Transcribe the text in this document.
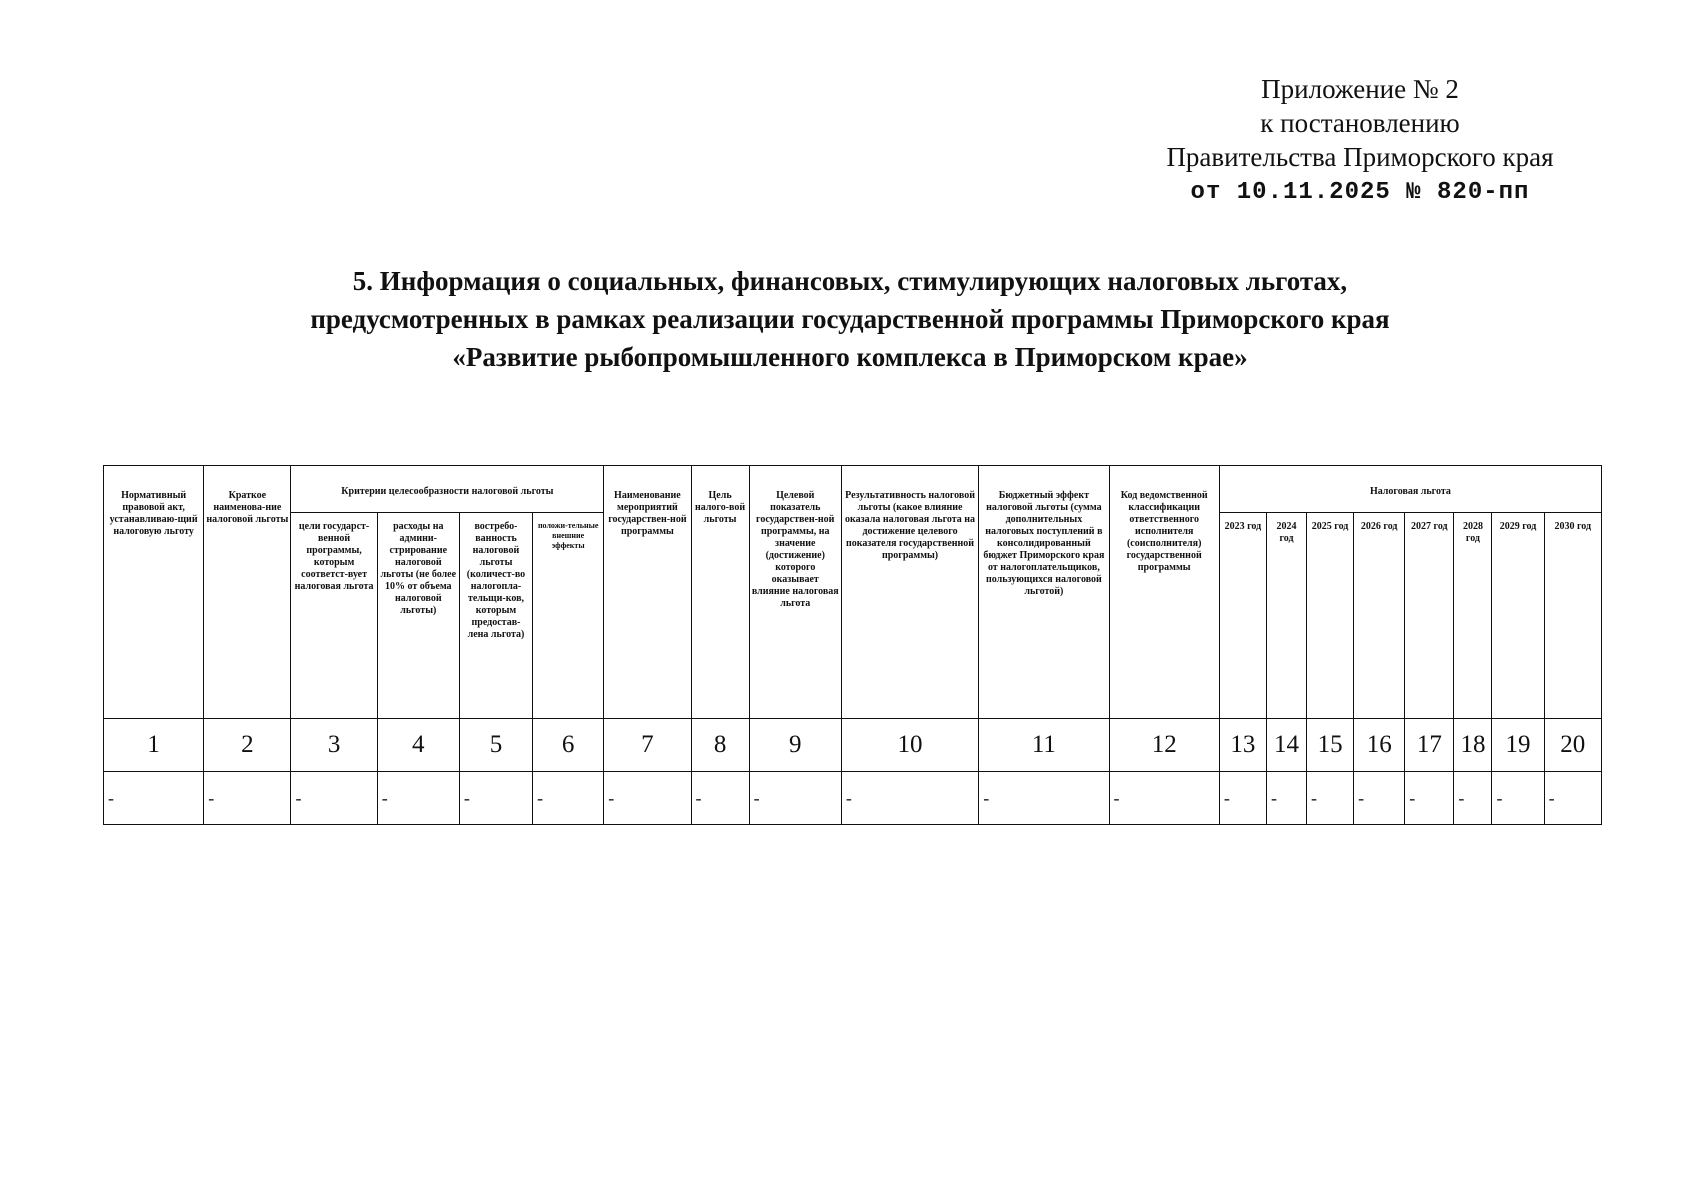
Приложение № 2
к постановлению
Правительства Приморского края
от 10.11.2025 № 820-пп
5. Информация о социальных, финансовых, стимулирующих налоговых льготах,
предусмотренных в рамках реализации государственной программы Приморского края
«Развитие рыбопромышленного комплекса в Приморском крае»
Нормативный правовой акт, устанавливаю-щий налоговую льготу	Краткое наименова-ние налоговой льготы	Критерии целесообразности налоговой льготы				Наименование мероприятий государствен-ной программы	Цель налого-вой льготы	Целевой показатель государствен-ной программы, на значение (достижение) которого оказывает влияние налоговая льгота	Результативность налоговой льготы (какое влияние оказала налоговая льгота на достижение целевого показателя государственной программы)	Бюджетный эффект налоговой льготы (сумма дополнительных налоговых поступлений в консолидированный бюджет Приморского края от налогоплательщиков, пользующихся налоговой льготой)	Код ведомственной классификации ответственного исполнителя (соисполнителя) государственной программы	Налоговая льгота							
		цели государст-венной программы, которым соответст-вует налоговая льгота	расходы на админи-стрирование налоговой льготы (не более 10% от объема налоговой льготы)	востребо-ванность налоговой льготы (количест-во налогопла-тельщи-ков, которым предостав-лена льгота)	положи-тельные внешние эффекты							2023 год	2024 год	2025 год	2026 год	2027 год	2028 год	2029 год	2030 год
1	2	3	4	5	6	7	8	9	10	11	12	13	14	15	16	17	18	19	20
-	-	-	-	-	-	-	-	-	-	-	-	-	-	-	-	-	-	-	-
